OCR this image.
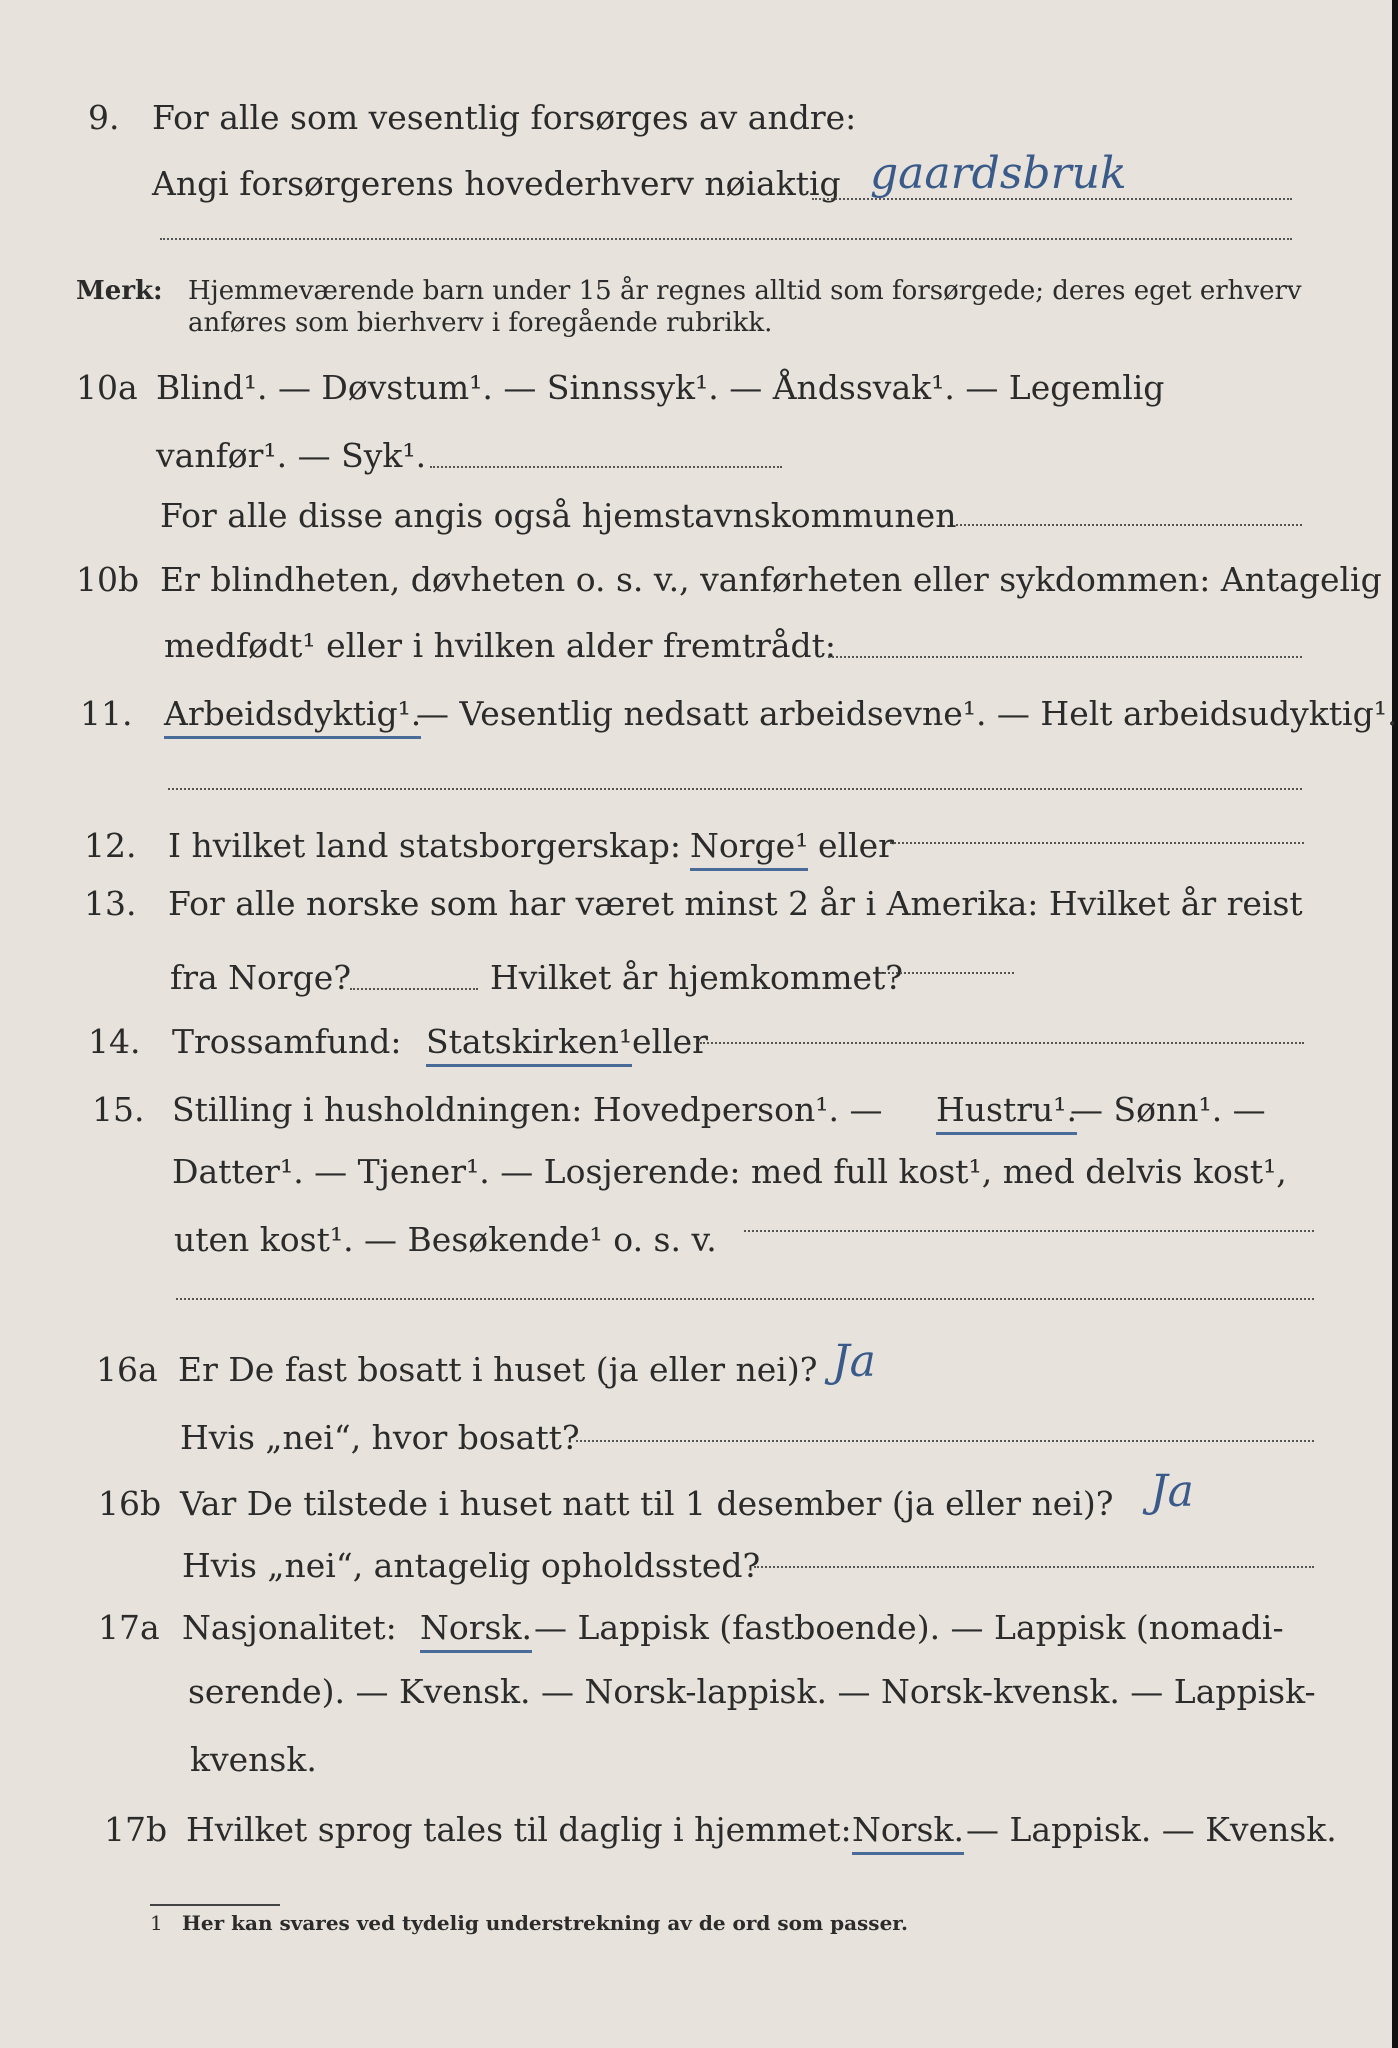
9. For alle som vesentlig forsørges av andre:
Angi forsørgerens hovederhverv nøiaktig gaardsbruk
Merk: Hjemmeværende barn under 15 år regnes alltid som forsørgede; deres eget erhverv
anføres som bierhverv i foregående rubrikk.
10a Blind¹. — Døvstum¹. — Sinnssyk¹. — Åndssvak¹. — Legemlig
vanfør¹. — Syk¹.
For alle disse angis også hjemstavnskommunen
10b Er blindheten, døvheten o. s. v., vanførheten eller sykdommen: Antagelig
medfødt¹ eller i hvilken alder fremtrådt:
11. Arbeidsdyktig¹.
— Vesentlig nedsatt arbeidsevne¹. — Helt arbeidsudyktig¹.
12. I hvilket land statsborgerskap: Norge¹ eller
13. For alle norske som har været minst 2 år i Amerika: Hvilket år reist
fra Norge?	Hvilket år hjemkommet?
14. Trossamfund: Statskirken¹ eller
15. Stilling i husholdningen: Hovedperson¹. — Hustru¹.
— Sønn¹. —
Datter¹. — Tjener¹. — Losjerende: med full kost¹, med delvis kost¹,
uten kost¹. — Besøkende¹ o. s. v.
16a Er De fast bosatt i huset (ja eller nei)? Ja
Hvis „nei“, hvor bosatt?
16b Var De tilstede i huset natt til 1 desember (ja eller nei)? Ja
Hvis „nei“, antagelig opholdssted?
17a Nasjonalitet: Norsk. — Lappisk (fastboende). — Lappisk (nomadi-
serende). — Kvensk. — Norsk-lappisk. — Norsk-kvensk. — Lappisk-
kvensk.
17b Hvilket sprog tales til daglig i hjemmet: Norsk. — Lappisk. — Kvensk.
1 Her kan svares ved tydelig understrekning av de ord som passer.
